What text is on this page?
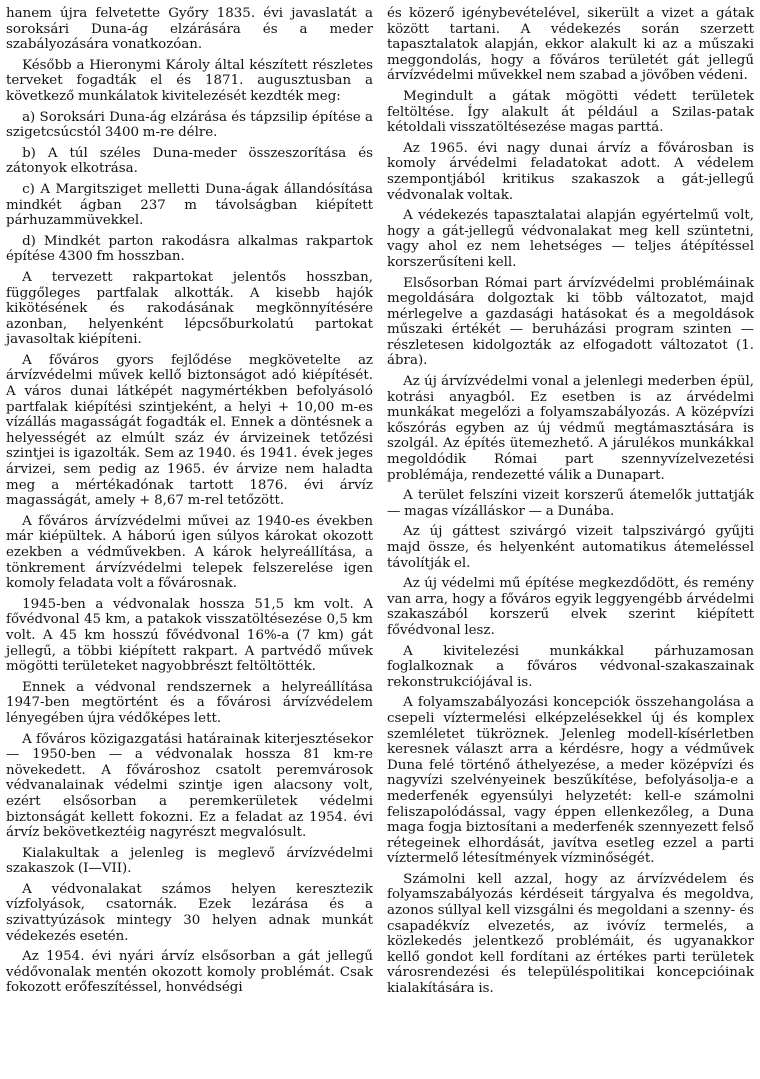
hanem újra felvetette Győry 1835. évi javaslatát a soroksári Duna-ág elzárására és a meder szabályozására vonatkozóan.

Később a Hieronymi Károly által készített részletes terveket fogadták el és 1871. augusztusban a következő munkálatok kivitelezését kezdték meg:

a) Soroksári Duna-ág elzárása és tápzsilip építése a szigetcsúcstól 3400 m-re délre.

b) A túl széles Duna-meder összeszorítása és zátonyok elkotrása.

c) A Margitsziget melletti Duna-ágak állandósítása mindkét ágban 237 m távolságban kiépített párhuzammüvekkel.

d) Mindkét parton rakodásra alkalmas rakpartok építése 4300 fm hosszban.

A tervezett rakpartokat jelentős hosszban, függőleges partfalak alkották. A kisebb hajók kikötésének és rakodásának megkönnyítésére azonban, helyenként lépcsőburkolatú partokat javasoltak kiépíteni.

A főváros gyors fejlődése megkövetelte az árvízvédelmi művek kellő biztonságot adó kiépítését. A város dunai látképét nagymértékben befolyásoló partfalak kiépítési szintjeként, a helyi + 10,00 m-es vízállás magasságát fogadták el. Ennek a döntésnek a helyességét az elmúlt száz év árvizeinek tetőzési szintjei is igazolták. Sem az 1940. és 1941. évek jeges árvizei, sem pedig az 1965. év árvize nem haladta meg a mértékadónak tartott 1876. évi árvíz magasságát, amely + 8,67 m-rel tetőzött.

A főváros árvízvédelmi művei az 1940-es években már kiépültek. A háború igen súlyos károkat okozott ezekben a védművekben. A károk helyreállítása, a tönkrement árvízvédelmi telepek felszerelése igen komoly feladata volt a fővárosnak.

1945-ben a védvonalak hossza 51,5 km volt. A fővédvonal 45 km, a patakok visszatöltésezése 0,5 km volt. A 45 km hosszú fővédvonal 16%-a (7 km) gát jellegű, a többi kiépített rakpart. A partvédő művek mögötti területeket nagyobbrészt feltöltötték.

Ennek a védvonal rendszernek a helyreállítása 1947-ben megtörtént és a fővárosi árvízvédelem lényegében újra védőképes lett.

A főváros közigazgatási határainak kiterjesztésekor — 1950-ben — a védvonalak hossza 81 km-re növekedett. A fővároshoz csatolt peremvárosok védvanalainak védelmi szintje igen alacsony volt, ezért elsősorban a peremkerületek védelmi biztonságát kellett fokozni. Ez a feladat az 1954. évi árvíz bekövetkeztéig nagyrészt megvalósult.

Kialakultak a jelenleg is meglevő árvízvédelmi szakaszok (I—VII).

A védvonalakat számos helyen keresztezik vízfolyások, csatornák. Ezek lezárása és a szivattyúzások mintegy 30 helyen adnak munkát védekezés esetén.

Az 1954. évi nyári árvíz elsősorban a gát jellegű védővonalak mentén okozott komoly problémát. Csak fokozott erőfeszítéssel, honvédségi

és közerő igénybevételével, sikerült a vizet a gátak között tartani. A védekezés során szerzett tapasztalatok alapján, ekkor alakult ki az a műszaki meggondolás, hogy a főváros területét gát jellegű árvízvédelmi művekkel nem szabad a jövőben védeni.

Megindult a gátak mögötti védett területek feltöltése. Így alakult át például a Szilas-patak kétoldali visszatöltésezése magas parttá.

Az 1965. évi nagy dunai árvíz a fővárosban is komoly árvédelmi feladatokat adott. A védelem szempontjából kritikus szakaszok a gát-jellegű védvonalak voltak.

A védekezés tapasztalatai alapján egyértelmű volt, hogy a gát-jellegű védvonalakat meg kell szüntetni, vagy ahol ez nem lehetséges — teljes átépítéssel korszerűsíteni kell.

Elsősorban Római part árvízvédelmi problémáinak megoldására dolgoztak ki több változatot, majd mérlegelve a gazdasági hatásokat és a megoldások műszaki értékét — beruházási program szinten — részletesen kidolgozták az elfogadott változatot (1. ábra).

Az új árvízvédelmi vonal a jelenlegi mederben épül, kotrási anyagból. Ez esetben is az árvédelmi munkákat megelőzi a folyamszabályozás. A középvízi kőszórás egyben az új védmű megtámasztására is szolgál. Az építés ütemezhető. A járulékos munkákkal megoldódik Római part szennyvízelvezetési problémája, rendezetté válik a Dunapart.

A terület felszíni vizeit korszerű átemelők juttatják — magas vízálláskor — a Dunába.

Az új gáttest szivárgó vizeit talpszivárgó gyűjti majd össze, és helyenként automatikus átemeléssel távolítják el.

Az új védelmi mű építése megkezdődött, és remény van arra, hogy a főváros egyik leggyengébb árvédelmi szakaszából korszerű elvek szerint kiépített fővédvonal lesz.

A kivitelezési munkákkal párhuzamosan foglalkoznak a főváros védvonal-szakaszainak rekonstrukciójával is.

A folyamszabályozási koncepciók összehangolása a csepeli víztermelési elképzelésekkel új és komplex szemléletet tükröznek. Jelenleg modell-kísérletben keresnek választ arra a kérdésre, hogy a védművek Duna felé történő áthelyezése, a meder középvízi és nagyvízi szelvényeinek beszűkítése, befolyásolja-e a mederfenék egyensúlyi helyzetét: kell-e számolni feliszapolódással, vagy éppen ellenkezőleg, a Duna maga fogja biztosítani a mederfenék szennyezett felső rétegeinek elhordását, javítva esetleg ezzel a parti víztermelő létesítmények vízminőségét.

Számolni kell azzal, hogy az árvízvédelem és folyamszabályozás kérdéseit tárgyalva és megoldva, azonos súllyal kell vizsgálni és megoldani a szenny- és csapadékvíz elvezetés, az ivóvíz termelés, a közlekedés jelentkező problémáit, és ugyanakkor kellő gondot kell fordítani az értékes parti területek városrendezési és településpolitikai koncepcióinak kialakítására is.
